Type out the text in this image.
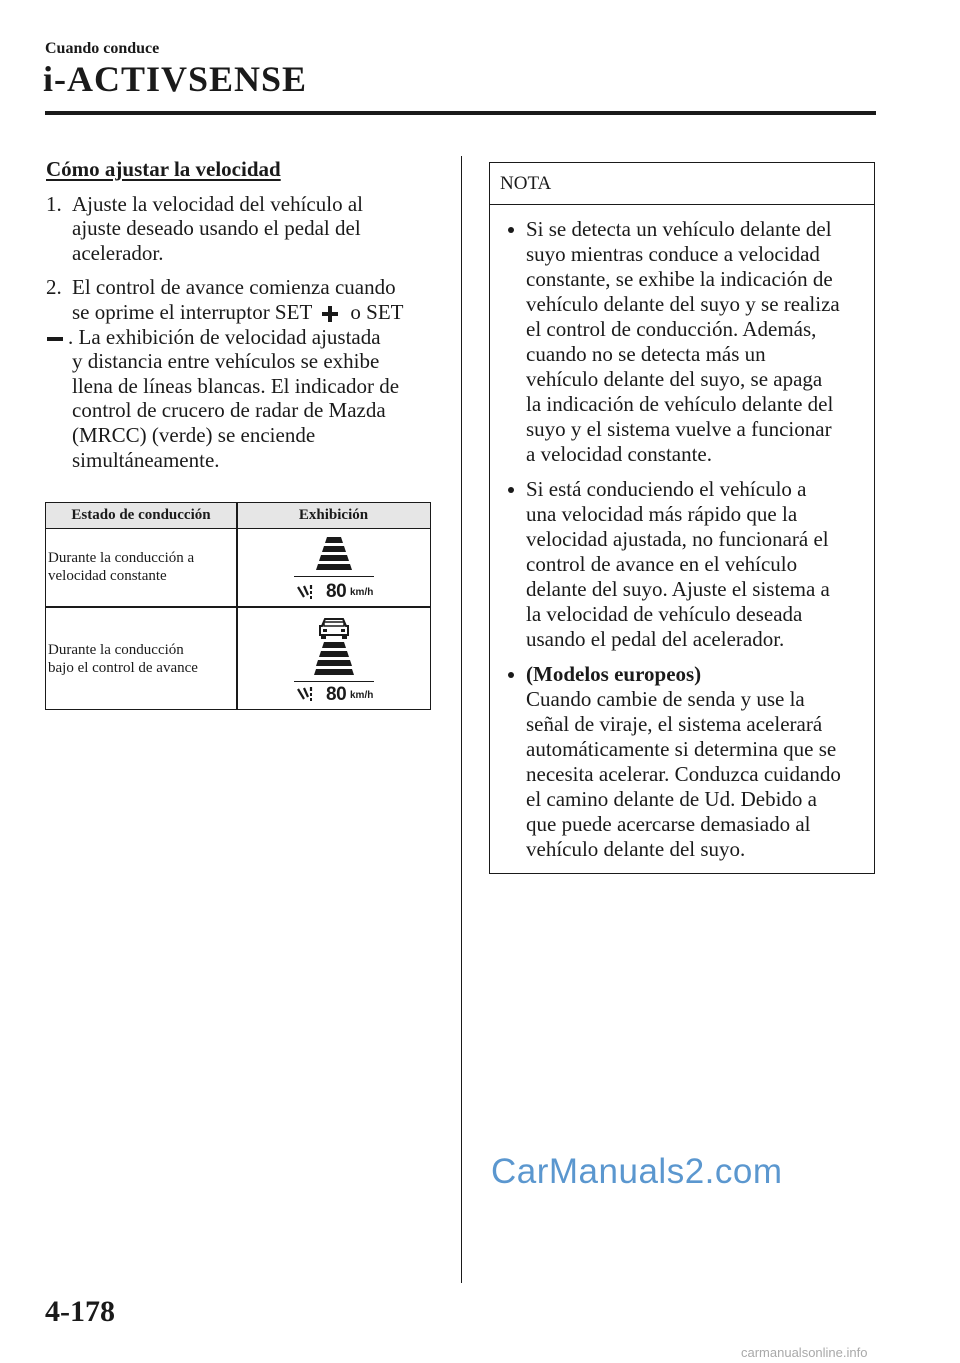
Cuando conduce
i-ACTIVSENSE
Cómo ajustar la velocidad
1. Ajuste la velocidad del vehículo al
ajuste deseado usando el pedal del
acelerador.
2. El control de avance comienza cuando
se oprime el interruptor SET o SET
. La exhibición de velocidad ajustada
y distancia entre vehículos se exhibe
llena de líneas blancas. El indicador de
control de crucero de radar de Mazda
(MRCC) (verde) se enciende
simultáneamente.
Estado de conducción	Exhibición
Durante la conducción a
velocidad constante
80 km/h
Durante la conducción
bajo el control de avance
80 km/h
NOTA
Si se detecta un vehículo delante del
suyo mientras conduce a velocidad
constante, se exhibe la indicación de
vehículo delante del suyo y se realiza
el control de conducción. Además,
cuando no se detecta más un
vehículo delante del suyo, se apaga
la indicación de vehículo delante del
suyo y el sistema vuelve a funcionar
a velocidad constante.
Si está conduciendo el vehículo a
una velocidad más rápido que la
velocidad ajustada, no funcionará el
control de avance en el vehículo
delante del suyo. Ajuste el sistema a
la velocidad de vehículo deseada
usando el pedal del acelerador.
(Modelos europeos)
Cuando cambie de senda y use la
señal de viraje, el sistema acelerará
automáticamente si determina que se
necesita acelerar. Conduzca cuidando
el camino delante de Ud. Debido a
que puede acercarse demasiado al
vehículo delante del suyo.
CarManuals2.com
4-178
carmanualsonline.info
